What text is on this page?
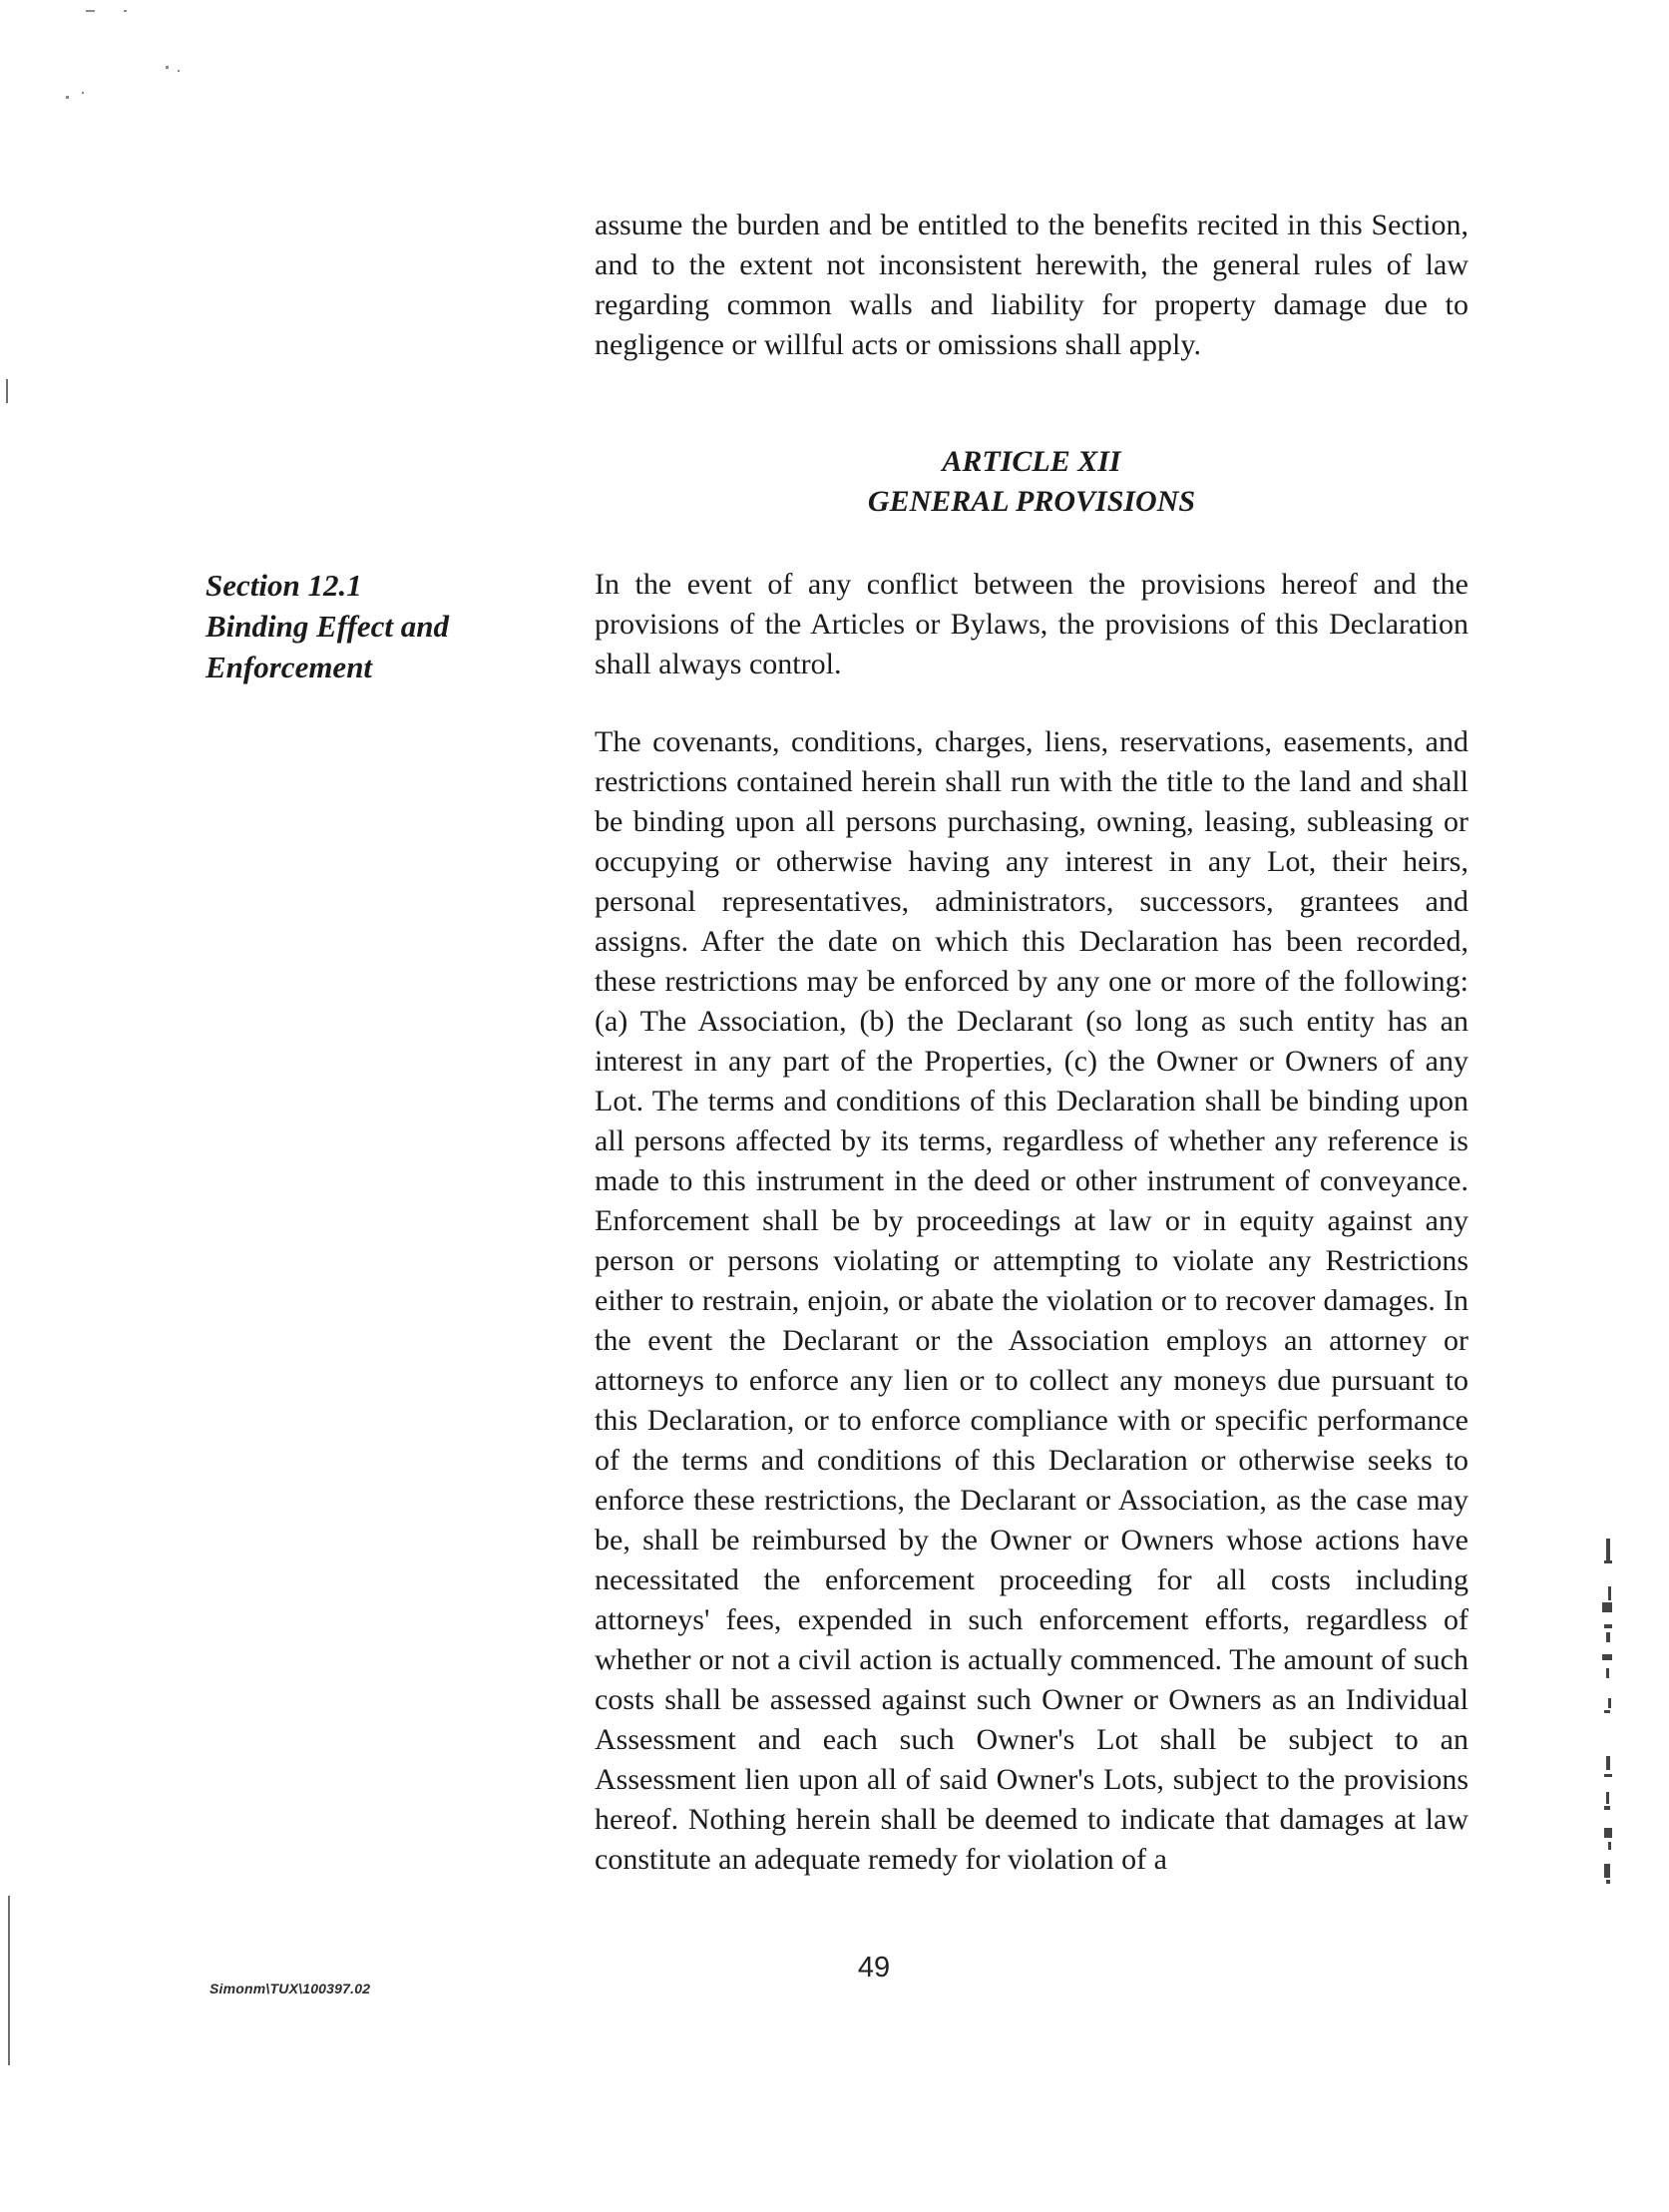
assume the burden and be entitled to the benefits recited in this Section, and to the extent not inconsistent herewith, the general rules of law regarding common walls and liability for property damage due to negligence or willful acts or omissions shall apply.

ARTICLE XII
GENERAL PROVISIONS
Section 12.1
Binding Effect and
Enforcement

In the event of any conflict between the provisions hereof and the provisions of the Articles or Bylaws, the provisions of this Declaration shall always control.

The covenants, conditions, charges, liens, reservations, easements, and restrictions contained herein shall run with the title to the land and shall be binding upon all persons purchasing, owning, leasing, subleasing or occupying or otherwise having any interest in any Lot, their heirs, personal representatives, administrators, successors, grantees and assigns. After the date on which this Declaration has been recorded, these restrictions may be enforced by any one or more of the following: (a) The Association, (b) the Declarant (so long as such entity has an interest in any part of the Properties, (c) the Owner or Owners of any Lot. The terms and conditions of this Declaration shall be binding upon all persons affected by its terms, regardless of whether any reference is made to this instrument in the deed or other instrument of conveyance. Enforcement shall be by proceedings at law or in equity against any person or persons violating or attempting to violate any Restrictions either to restrain, enjoin, or abate the violation or to recover damages. In the event the Declarant or the Association employs an attorney or attorneys to enforce any lien or to collect any moneys due pursuant to this Declaration, or to enforce compliance with or specific performance of the terms and conditions of this Declaration or otherwise seeks to enforce these restrictions, the Declarant or Association, as the case may be, shall be reimbursed by the Owner or Owners whose actions have necessitated the enforcement proceeding for all costs including attorneys' fees, expended in such enforcement efforts, regardless of whether or not a civil action is actually commenced. The amount of such costs shall be assessed against such Owner or Owners as an Individual Assessment and each such Owner's Lot shall be subject to an Assessment lien upon all of said Owner's Lots, subject to the provisions hereof. Nothing herein shall be deemed to indicate that damages at law constitute an adequate remedy for violation of a

Simonm\TUX\100397.02
49
